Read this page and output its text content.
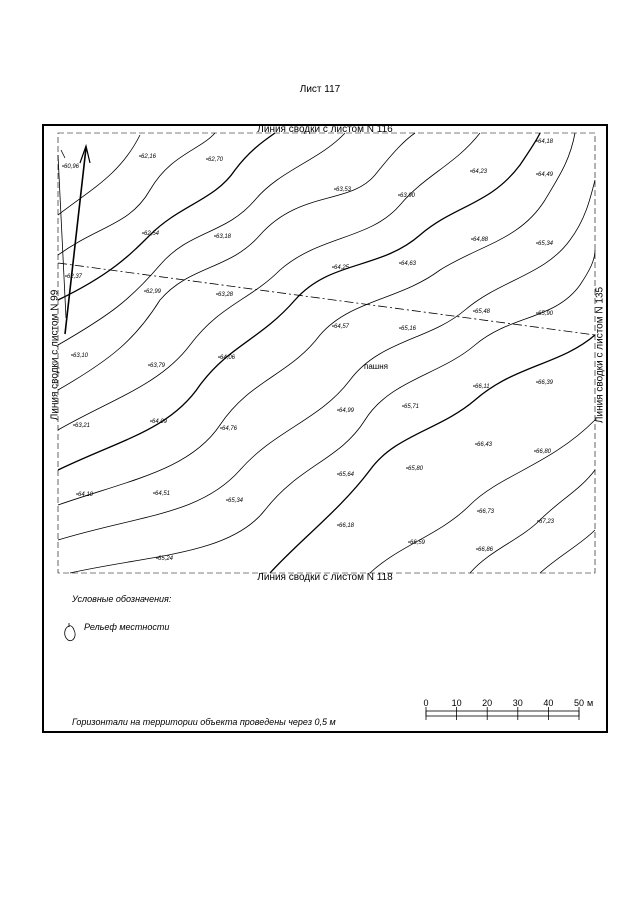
Лист 117
60,96
62,16	62,70
64,18
64,23	64,49
63,53
63,90
62,54	63,18
62,37
62,99	63,28
64,25
64,63
64,88
65,34
64,57	65,16
65,48	65,90
63,10
63,79
64,06
63,21
64,09
64,76
64,99
65,71
66,11
66,39
66,43
66,80
64,10	64,51
65,34
65,64
65,80
66,73
67,23
66,18
66,59
66,86
65,24
Линия сводки с листом N 116
Линия сводки с листом N 118
Линия сводки с листом N 99	Линия сводки с листом N 135
пашня
Условные обозначения:
Рельеф местности
Горизонтали на территории объекта проведены через 0,5 м
0	10 20 30 40 50 м
